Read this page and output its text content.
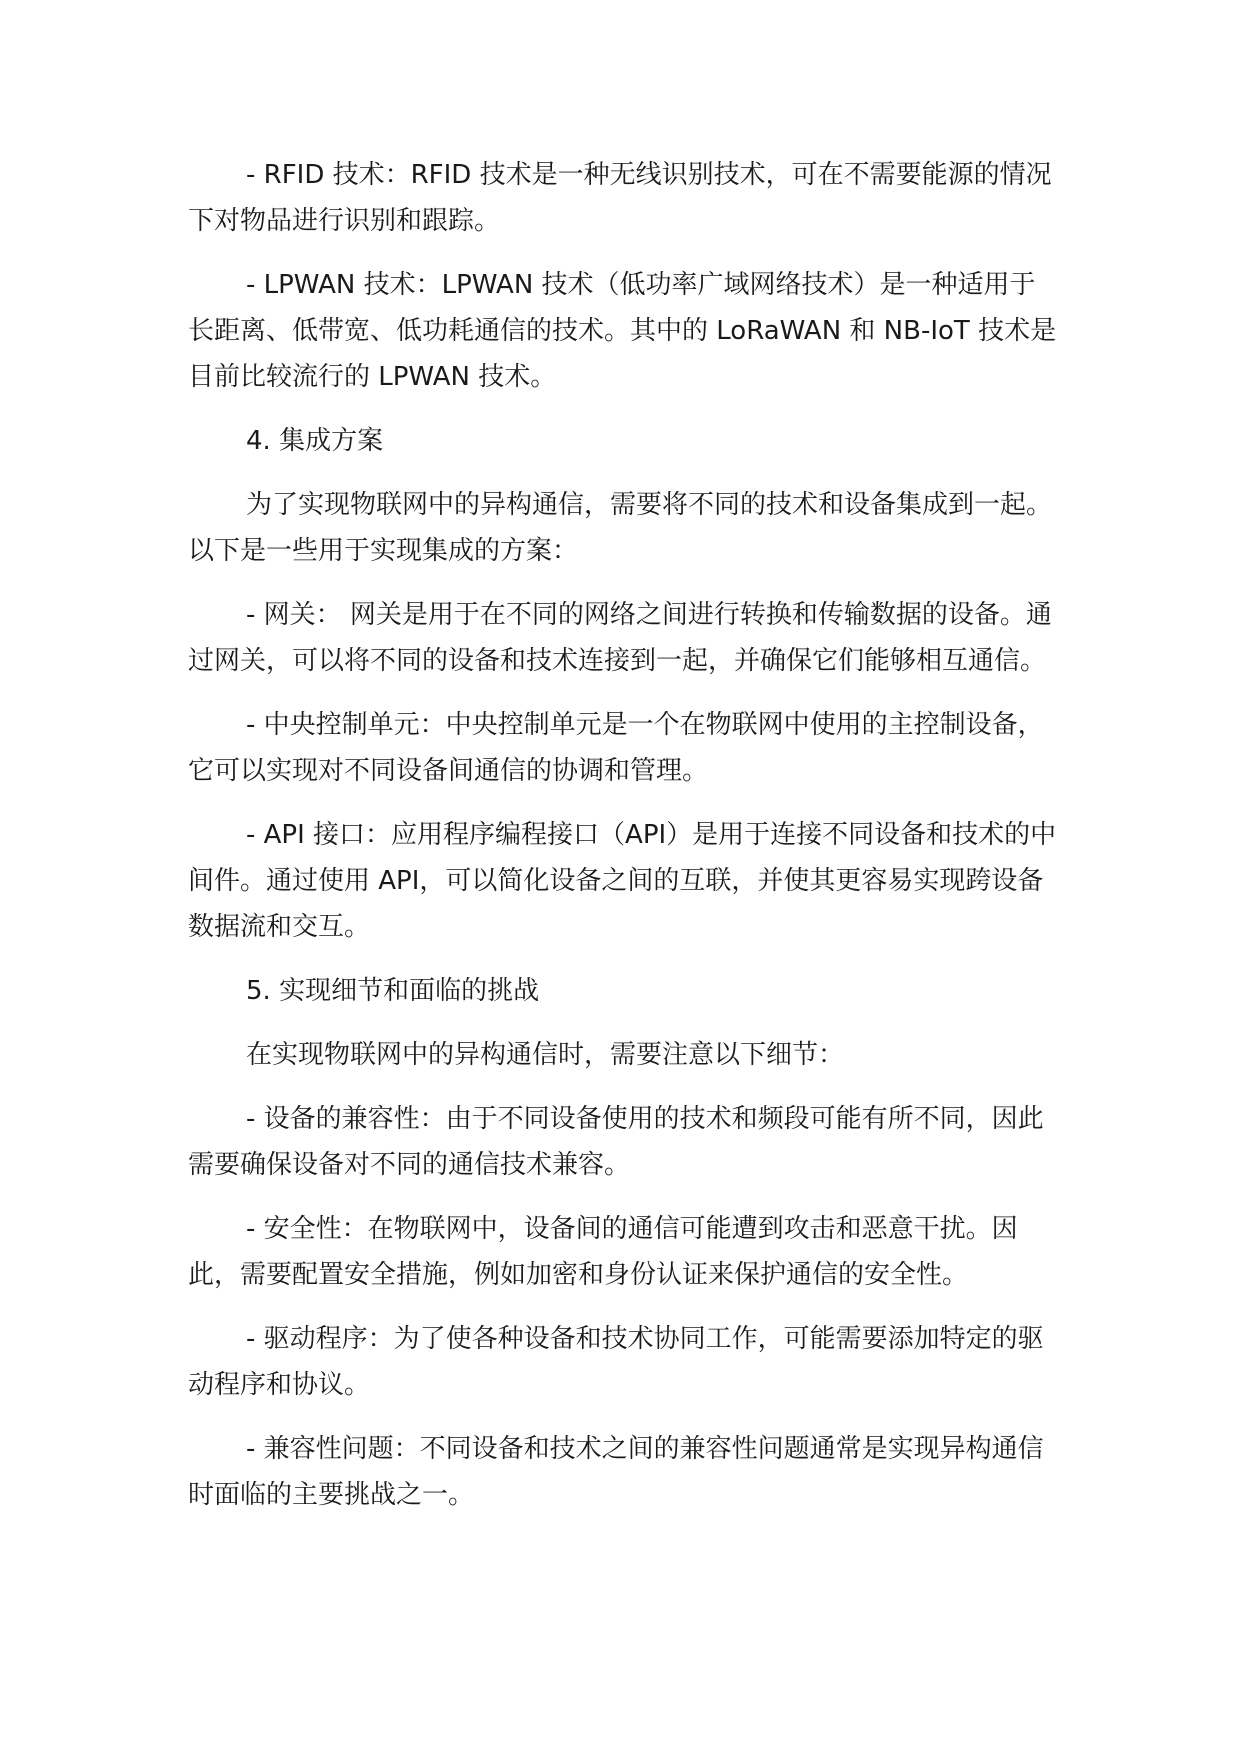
- RFID 技术：RFID 技术是一种无线识别技术，可在不需要能源的情况下对物品进行识别和跟踪。

- LPWAN 技术：LPWAN 技术（低功率广域网络技术）是一种适用于长距离、低带宽、低功耗通信的技术。其中的 LoRaWAN 和 NB-IoT 技术是目前比较流行的 LPWAN 技术。

4. 集成方案

为了实现物联网中的异构通信，需要将不同的技术和设备集成到一起。以下是一些用于实现集成的方案：

- 网关： 网关是用于在不同的网络之间进行转换和传输数据的设备。通过网关，可以将不同的设备和技术连接到一起，并确保它们能够相互通信。

- 中央控制单元：中央控制单元是一个在物联网中使用的主控制设备，它可以实现对不同设备间通信的协调和管理。

- API 接口：应用程序编程接口（API）是用于连接不同设备和技术的中间件。通过使用 API，可以简化设备之间的互联，并使其更容易实现跨设备数据流和交互。

5. 实现细节和面临的挑战

在实现物联网中的异构通信时，需要注意以下细节：

- 设备的兼容性：由于不同设备使用的技术和频段可能有所不同，因此需要确保设备对不同的通信技术兼容。

- 安全性：在物联网中，设备间的通信可能遭到攻击和恶意干扰。因此，需要配置安全措施，例如加密和身份认证来保护通信的安全性。

- 驱动程序：为了使各种设备和技术协同工作，可能需要添加特定的驱动程序和协议。

- 兼容性问题：不同设备和技术之间的兼容性问题通常是实现异构通信时面临的主要挑战之一。
